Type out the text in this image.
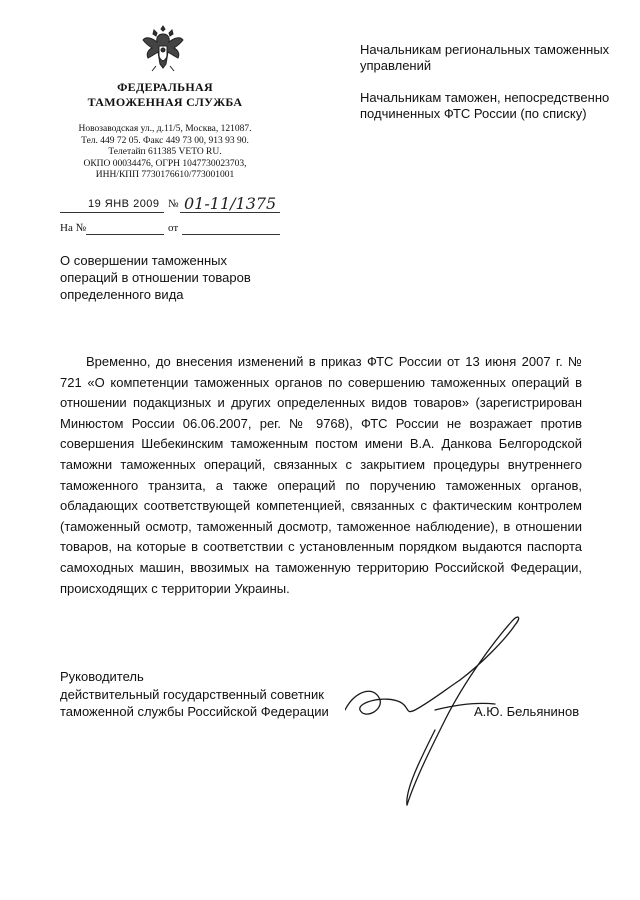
ФЕДЕРАЛЬНАЯ
ТАМОЖЕННАЯ СЛУЖБА
Новозаводская ул., д.11/5, Москва, 121087.
Тел. 449 72 05. Факс 449 73 00, 913 93 90.
Телетайп 611385 VETO RU.
ОКПО 00034476, ОГРН 1047730023703,
ИНН/КПП 7730176610/773001001
19 ЯНВ 2009 № 01-11/1375
На №	от

Начальникам региональных таможенных управлений

Начальникам таможен, непосредственно подчиненных ФТС России (по списку)

О совершении таможенных операций в отношении товаров определенного вида

Временно, до внесения изменений в приказ ФТС России от 13 июня 2007 г. № 721 «О компетенции таможенных органов по совершению таможенных операций в отношении подакцизных и других определенных видов товаров» (зарегистрирован Минюстом России 06.06.2007, рег. № 9768), ФТС России не возражает против совершения Шебекинским таможенным постом имени В.А. Данкова Белгородской таможни таможенных операций, связанных с закрытием процедуры внутреннего таможенного транзита, а также операций по поручению таможенных органов, обладающих соответствующей компетенцией, связанных с фактическим контролем (таможенный осмотр, таможенный досмотр, таможенное наблюдение), в отношении товаров, на которые в соответствии с установленным порядком выдаются паспорта самоходных машин, ввозимых на таможенную территорию Российской Федерации, происходящих с территории Украины.

Руководитель
действительный государственный советник
таможенной службы Российской Федерации	А.Ю. Бельянинов
